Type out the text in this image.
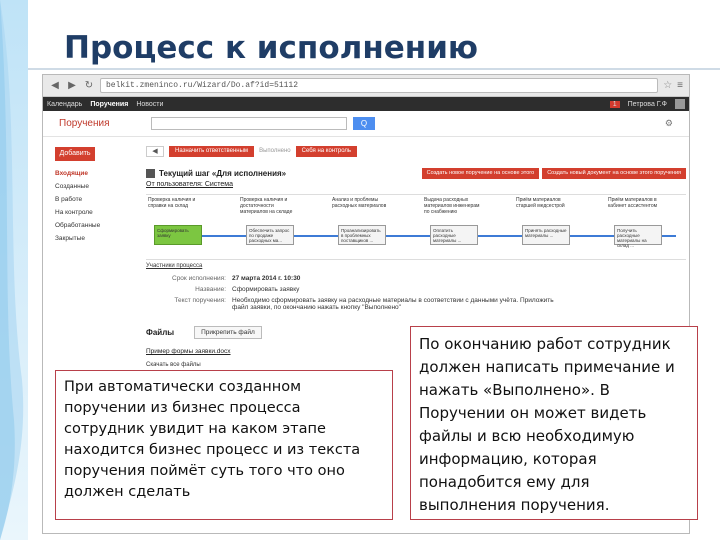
Процесс к исполнению
◀ ▶ ↻	belkit.zmeninco.ru/Wizard/Do.af?id=51112	☆ ≡
Календарь Поручения Новости	1	Петрова Г.Ф
Поручения	Q	⚙
Добавить
Входящие
Созданные
В работе
На контроле
Обработанные
Закрытые
◀	Назначить ответственным	Выполнено	Себя на контроль
Текущий шаг «Для исполнения»	Создать новое поручение на основе этого	Создать новый документ на основе этого поручения
От пользователя: Система
Проверка наличия и справки на склад
Сформировать заявку
Проверка наличия и достаточности материалов на складе
Обеспечить запрос по продаже расходных ма...
Анализ и проблемы расходных материалов
Проанализировать в проблемных поставщиков ...
Выдача расходных материалов инженерам по снабжению
Оплатить расходные материалы ...
Приём материалов старшей медсестрой
Принять расходные материалы ...
Приём материалов в кабинет ассистентом
Получить расходные материалы на склад ...
Участники процесса
Срок исполнения: 27 марта 2014 г. 10:30
Название: Сформировать заявку
Текст поручения: Необходимо сформировать заявку на расходные материалы в соответствии с данными учёта. Приложить файл заявки, по окончанию нажать кнопку "Выполнено"
Файлы	Прикрепить файл
Пример формы заявки.docx
Скачать все файлы
При автоматически созданном поручении из бизнес процесса сотрудник увидит на каком этапе находится бизнес процесс и из текста поручения поймёт суть того что оно должен сделать
По окончанию работ сотрудник должен написать примечание и нажать «Выполнено». В Поручении он может видеть файлы и всю необходимую информацию, которая понадобится ему для выполнения поручения.
